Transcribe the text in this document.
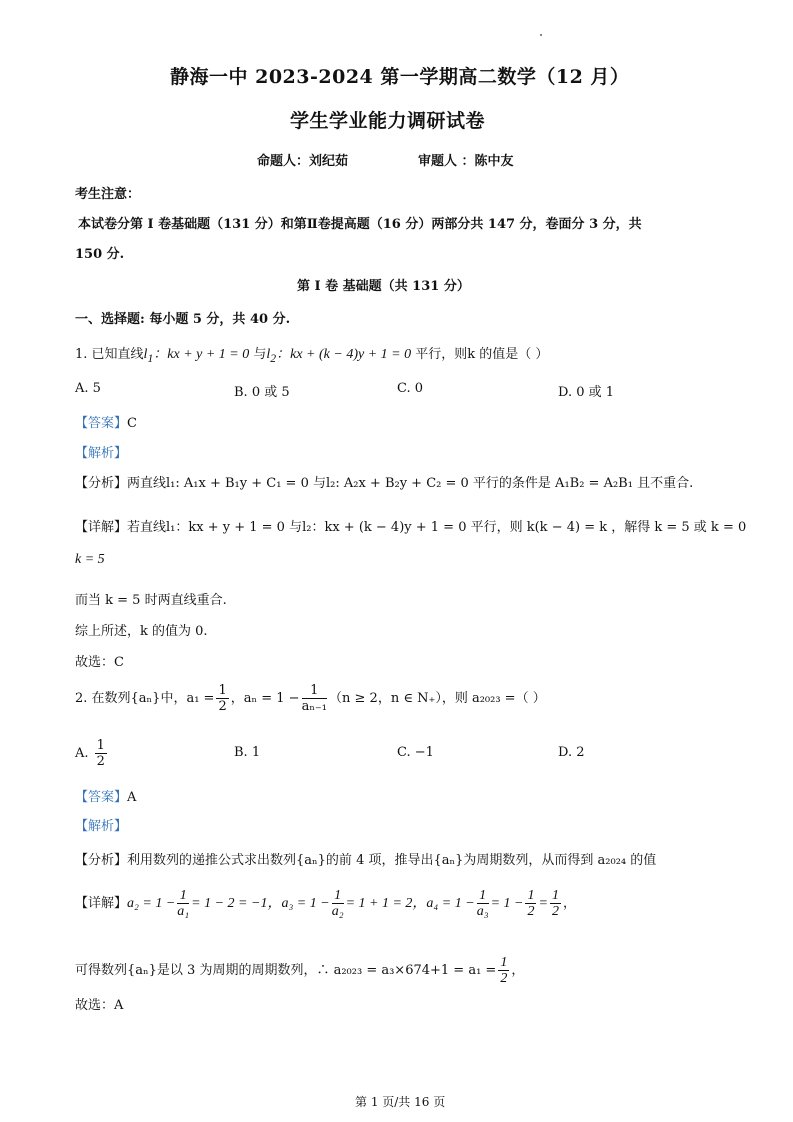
静海一中 2023-2024 第一学期高二数学（12 月）
学生学业能力调研试卷
命题人：刘纪茹	审题人 ：陈中友
考生注意：
本试卷分第 I 卷基础题（131 分）和第Ⅱ卷提高题（16 分）两部分共 147 分，卷面分 3 分，共
150 分.
第 I 卷 基础题（共 131 分）
一、选择题: 每小题 5 分，共 40 分.
1. 已知直线$l_1$：kx + y + 1 = 0 与$l_2$：kx + (k − 4)y + 1 = 0 平行，则k 的值是（ ）
A. 5	B. 0 或 5	C. 0	D. 0 或 1
【答案】C
【解析】
【分析】两直线l₁: A₁x + B₁y + C₁ = 0 与l₂: A₂x + B₂y + C₂ = 0 平行的条件是 A₁B₂ = A₂B₁ 且不重合.
【详解】若直线l₁：kx + y + 1 = 0 与l₂：kx + (k − 4)y + 1 = 0 平行，则 k(k − 4) = k ，解得 k = 5 或 k = 0
k = 5
而当 k = 5 时两直线重合.
综上所述，k 的值为 0.
故选：C
2. 在数列{aₙ}中，$a_1 = \frac{1}{2}$ ，$a_n = 1 - \frac{1}{\text{aₙ₋₁}} (n \ge 2$，n ∈ N₊），则 a₂₀₂₃ =（ ）
A. $\frac{1}{2}$	B. 1	C. −1	D. 2
【答案】A
【解析】
【分析】利用数列的递推公式求出数列{aₙ}的前 4 项，推导出{aₙ}为周期数列，从而得到 a₂₀₂₄ 的值
【详解】$a_2 = 1 - \frac{1}{\text{a₁}} = 1 - 2 = -1$，$a_3 = 1 - \frac{1}{\text{a₂}} = 1 + 1 = 2$，$a_4 = 1 - \frac{1}{\text{a₃}} = 1 - \frac{1}{2} = \frac{1}{2}$ ，
可得数列{aₙ}是以 3 为周期的周期数列，∴ $a_{2023} = a_3\times 674+1 = a_1 = \frac{1}{2}$ ，
故选：A
第 1 页/共 16 页
